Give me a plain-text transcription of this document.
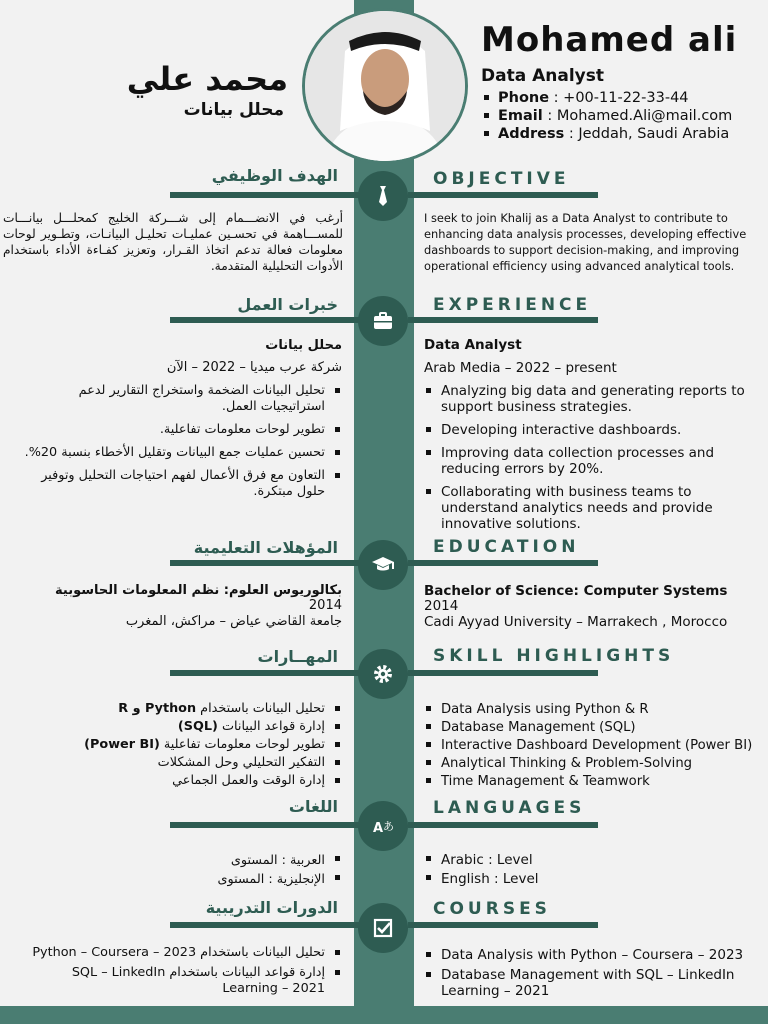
محمد علي
محلل بيانات
Mohamed ali
Data Analyst
Phone : +00-11-22-33-44
Email : Mohamed.Ali@mail.com
Address : Jeddah, Saudi Arabia
الهدف الوظيفي	OBJECTIVE
أرغب في الانضـــمام إلى شـــركة الخليج كمحلـــل بيانـــات للمســـاهمة في تحسـين عمليـات تحليـل البيانـات، وتطـوير لوحات معلومات فعالة تدعم اتخاذ القـرار، وتعزيز كفـاءة الأداء باستخدام الأدوات التحليلية المتقدمة.
I seek to join Khalij as a Data Analyst to contribute to enhancing data analysis processes, developing effective dashboards to support decision-making, and improving operational efficiency using advanced analytical tools.
خبرات العمل	EXPERIENCE
محلل بيانات
شركة عرب ميديا – 2022 – الآن
Data Analyst
Arab Media – 2022 – present
تحليل البيانات الضخمة واستخراج التقارير لدعم استراتيجيات العمل.
تطوير لوحات معلومات تفاعلية.
تحسين عمليات جمع البيانات وتقليل الأخطاء بنسبة 20%.
التعاون مع فرق الأعمال لفهم احتياجات التحليل وتوفير حلول مبتكرة.
Analyzing big data and generating reports to support business strategies.
Developing interactive dashboards.
Improving data collection processes and reducing errors by 20%.
Collaborating with business teams to understand analytics needs and provide innovative solutions.
المؤهلات التعليمية	EDUCATION
بكالوريوس العلوم: نظم المعلومات الحاسوبية
2014
جامعة القاضي عياض – مراكش، المغرب
Bachelor of Science: Computer Systems
2014
Cadi Ayyad University – Marrakech , Morocco
المهــارات	SKILL HIGHLIGHTS
تحليل البيانات باستخدام Python و R
إدارة قواعد البيانات (SQL)
تطوير لوحات معلومات تفاعلية (Power BI)
التفكير التحليلي وحل المشكلات
إدارة الوقت والعمل الجماعي
Data Analysis using Python & R
Database Management (SQL)
Interactive Dashboard Development (Power BI)
Analytical Thinking & Problem-Solving
Time Management & Teamwork
اللغات	LANGUAGES
A あ
العربية : المستوى
الإنجليزية : المستوى
Arabic : Level
English : Level
الدورات التدريبية	COURSES
تحليل البيانات باستخدام Python – Coursera – 2023
إدارة قواعد البيانات باستخدام SQL – LinkedIn Learning – 2021
Data Analysis with Python – Coursera – 2023
Database Management with SQL – LinkedIn Learning – 2021
